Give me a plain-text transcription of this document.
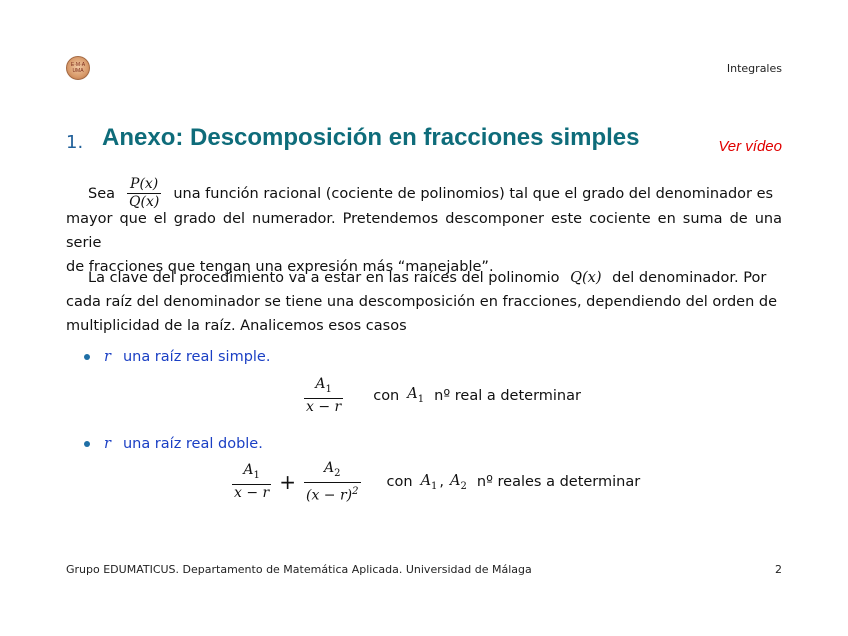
E·M·A
UMA	Integrales
1. Anexo: Descomposición en fracciones simples	Ver vídeo
Sea $\frac{P(x)}{Q(x)}$ una función racional (cociente de polinomios) tal que el grado del denominador es
mayor que el grado del numerador. Pretendemos descomponer este cociente en suma de una serie
de fracciones que tengan una expresión más “manejable”.
La clave del procedimiento va a estar en las raíces del polinomio Q(x) del denominador. Por
cada raíz del denominador se tiene una descomposición en fracciones, dependiendo del orden de
multiplicidad de la raíz. Analicemos esos casos
r una raíz real simple.
$\frac{A_1}{x - r}$ con $A_1$ nº real a determinar
r una raíz real doble.
$\frac{A_1}{x - r} + \frac{A_2}{(x - r)^2}$ con $A_1$ , $A_2$ nº reales a determinar
Grupo EDUMATICUS. Departamento de Matemática Aplicada. Universidad de Málaga	2
